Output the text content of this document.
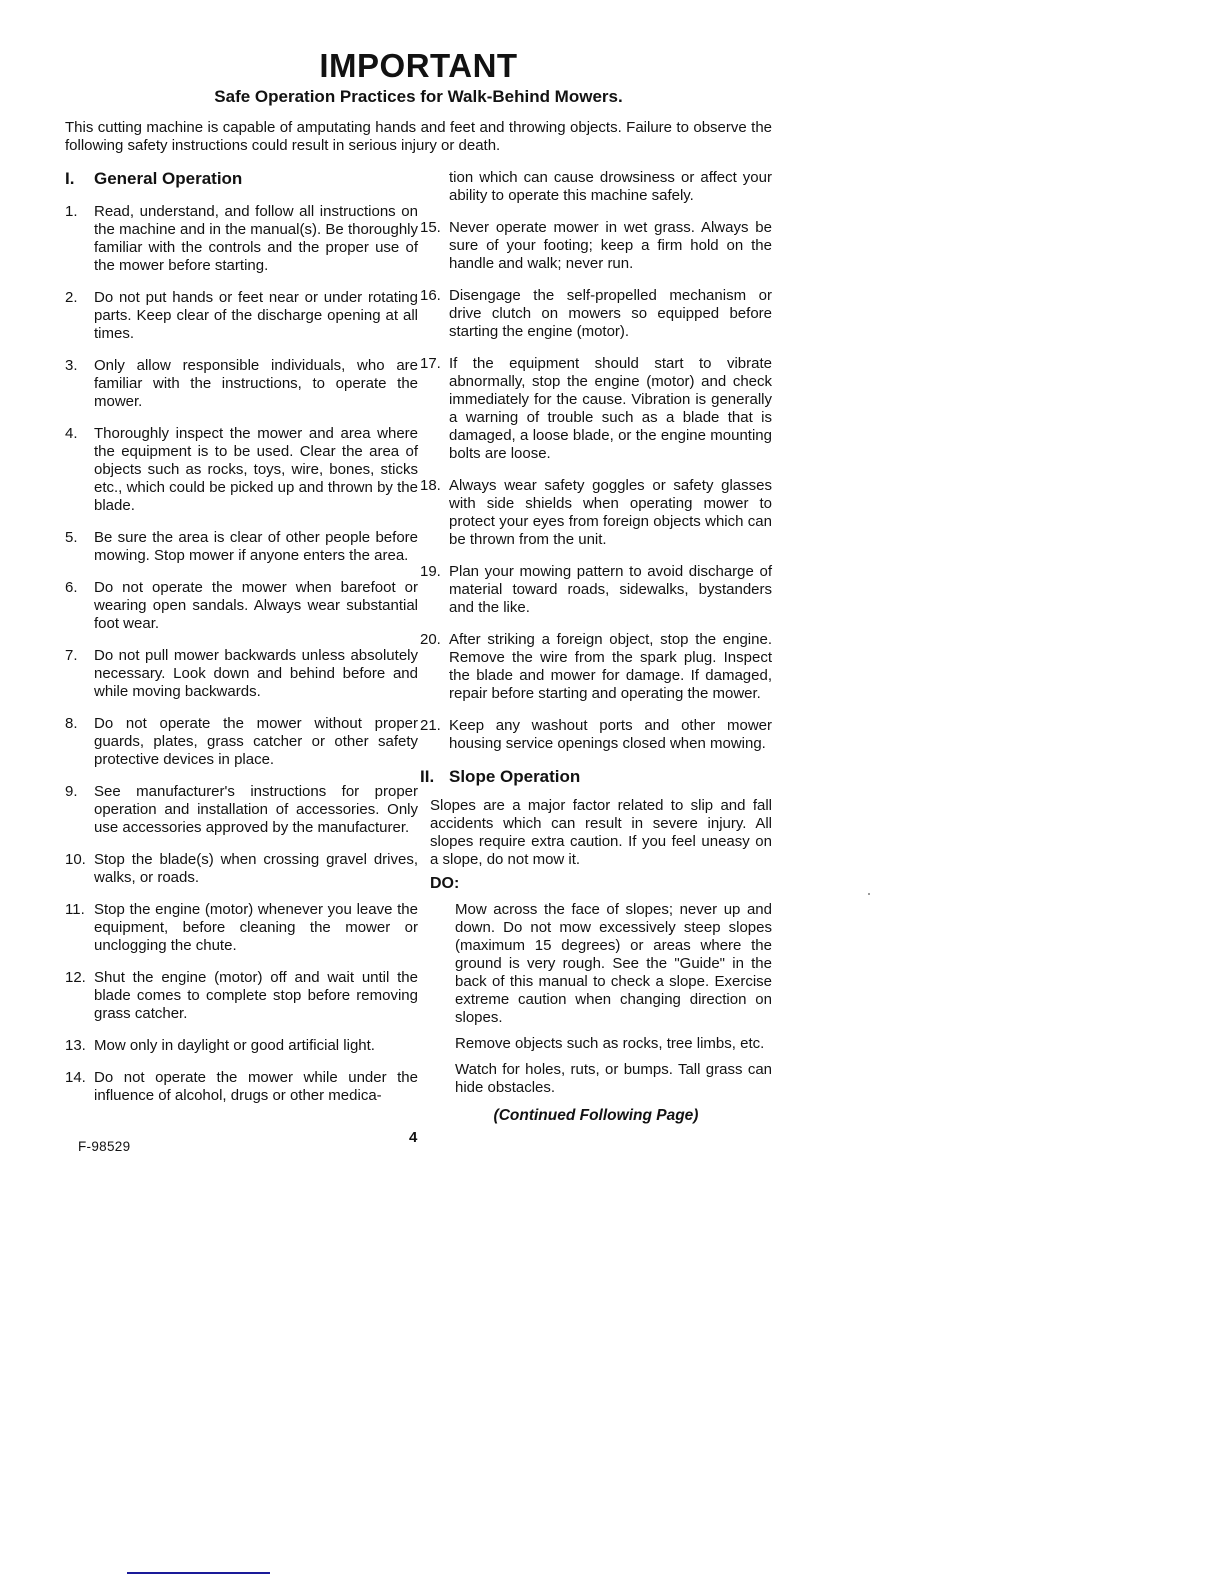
IMPORTANT
Safe Operation Practices for Walk-Behind Mowers.

This cutting machine is capable of amputating hands and feet and throwing objects. Failure to observe the following safety instructions could result in serious injury or death.

I.	General Operation
1.	Read, understand, and follow all instructions on the machine and in the manual(s). Be thoroughly familiar with the controls and the proper use of the mower before starting.
2.	Do not put hands or feet near or under rotating parts. Keep clear of the discharge opening at all times.
3.	Only allow responsible individuals, who are familiar with the instructions, to operate the mower.
4.	Thoroughly inspect the mower and area where the equipment is to be used. Clear the area of objects such as rocks, toys, wire, bones, sticks etc., which could be picked up and thrown by the blade.
5.	Be sure the area is clear of other people before mowing. Stop mower if anyone enters the area.
6.	Do not operate the mower when barefoot or wearing open sandals. Always wear substantial foot wear.
7.	Do not pull mower backwards unless absolutely necessary. Look down and behind before and while moving backwards.
8.	Do not operate the mower without proper guards, plates, grass catcher or other safety protective devices in place.
9.	See manufacturer's instructions for proper operation and installation of accessories. Only use accessories approved by the manufacturer.
10. Stop the blade(s) when crossing gravel drives, walks, or roads.
11. Stop the engine (motor) whenever you leave the equipment, before cleaning the mower or unclogging the chute.
12. Shut the engine (motor) off and wait until the blade comes to complete stop before removing grass catcher.
13. Mow only in daylight or good artificial light.
14. Do not operate the mower while under the influence of alcohol, drugs or other medica-

tion which can cause drowsiness or affect your ability to operate this machine safely.

15. Never operate mower in wet grass. Always be sure of your footing; keep a firm hold on the handle and walk; never run.
16. Disengage the self-propelled mechanism or drive clutch on mowers so equipped before starting the engine (motor).
17. If the equipment should start to vibrate abnormally, stop the engine (motor) and check immediately for the cause. Vibration is generally a warning of trouble such as a blade that is damaged, a loose blade, or the engine mounting bolts are loose.
18. Always wear safety goggles or safety glasses with side shields when operating mower to protect your eyes from foreign objects which can be thrown from the unit.
19. Plan your mowing pattern to avoid discharge of material toward roads, sidewalks, bystanders and the like.
20. After striking a foreign object, stop the engine. Remove the wire from the spark plug. Inspect the blade and mower for damage. If damaged, repair before starting and operating the mower.
21. Keep any washout ports and other mower housing service openings closed when mowing.
II. Slope Operation

Slopes are a major factor related to slip and fall accidents which can result in severe injury. All slopes require extra caution. If you feel uneasy on a slope, do not mow it.

DO:

Mow across the face of slopes; never up and down. Do not mow excessively steep slopes (maximum 15 degrees) or areas where the ground is very rough. See the "Guide" in the back of this manual to check a slope. Exercise extreme caution when changing direction on slopes.

Remove objects such as rocks, tree limbs, etc.

Watch for holes, ruts, or bumps. Tall grass can hide obstacles.

(Continued Following Page)
F-98529
4
